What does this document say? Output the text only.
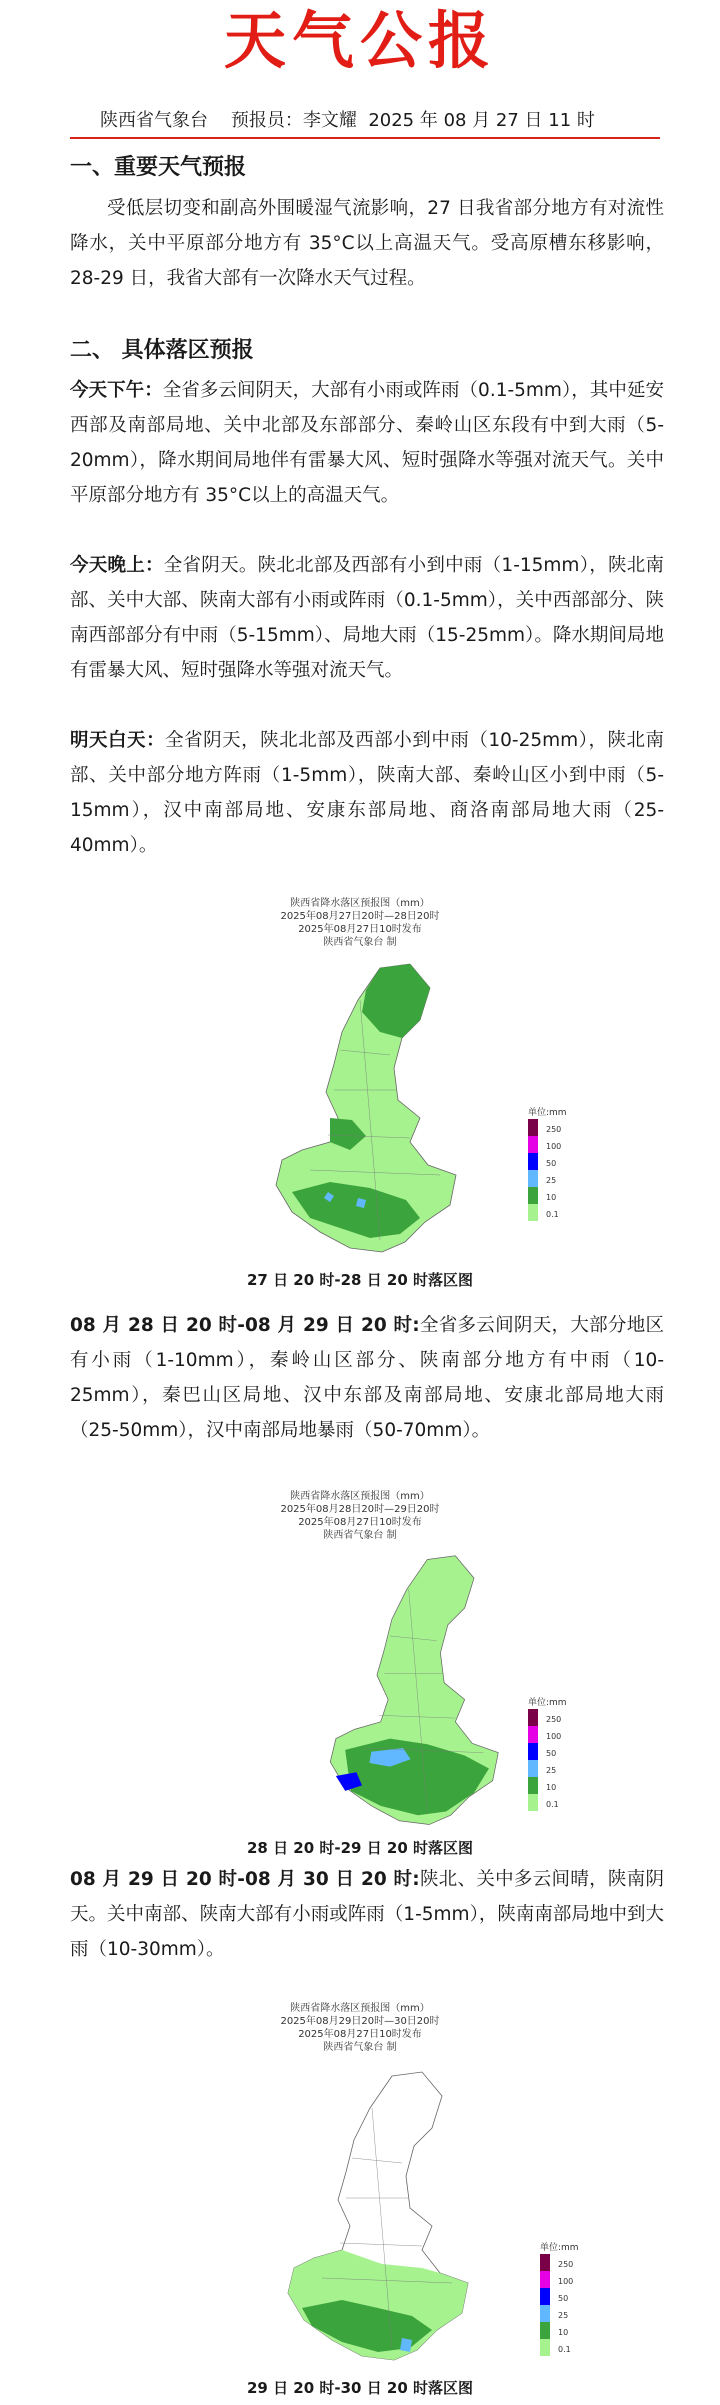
天气公报
陕西省气象台    预报员：李文耀  2025 年 08 月 27 日 11 时
一、重要天气预报
受低层切变和副高外围暖湿气流影响，27 日我省部分地方有对流性降水，关中平原部分地方有 35°C以上高温天气。受高原槽东移影响，28-29 日，我省大部有一次降水天气过程。
二、 具体落区预报
今天下午：全省多云间阴天，大部有小雨或阵雨（0.1-5mm），其中延安西部及南部局地、关中北部及东部部分、秦岭山区东段有中到大雨（5-20mm），降水期间局地伴有雷暴大风、短时强降水等强对流天气。关中平原部分地方有 35°C以上的高温天气。
今天晚上：全省阴天。陕北北部及西部有小到中雨（1-15mm），陕北南部、关中大部、陕南大部有小雨或阵雨（0.1-5mm），关中西部部分、陕南西部部分有中雨（5-15mm）、局地大雨（15-25mm）。降水期间局地有雷暴大风、短时强降水等强对流天气。
明天白天：全省阴天，陕北北部及西部小到中雨（10-25mm），陕北南部、关中部分地方阵雨（1-5mm），陕南大部、秦岭山区小到中雨（5-15mm），汉中南部局地、安康东部局地、商洛南部局地大雨（25-40mm）。
陕西省降水落区预报图（mm）
2025年08月27日20时—28日20时
2025年08月27日10时发布
陕西省气象台 制
单位:mm
250
100
50
25
10
0.1
27 日 20 时-28 日 20 时落区图
08 月 28 日 20 时-08 月 29 日 20 时:全省多云间阴天，大部分地区有小雨（1-10mm），秦岭山区部分、陕南部分地方有中雨（10-25mm），秦巴山区局地、汉中东部及南部局地、安康北部局地大雨（25-50mm），汉中南部局地暴雨（50-70mm）。
陕西省降水落区预报图（mm）
2025年08月28日20时—29日20时
2025年08月27日10时发布
陕西省气象台 制
单位:mm
250
100
50
25
10
0.1
28 日 20 时-29 日 20 时落区图
08 月 29 日 20 时-08 月 30 日 20 时:陕北、关中多云间晴，陕南阴天。关中南部、陕南大部有小雨或阵雨（1-5mm），陕南南部局地中到大雨（10-30mm）。
陕西省降水落区预报图（mm）
2025年08月29日20时—30日20时
2025年08月27日10时发布
陕西省气象台 制
单位:mm
250
100
50
25
10
0.1
29 日 20 时-30 日 20 时落区图
